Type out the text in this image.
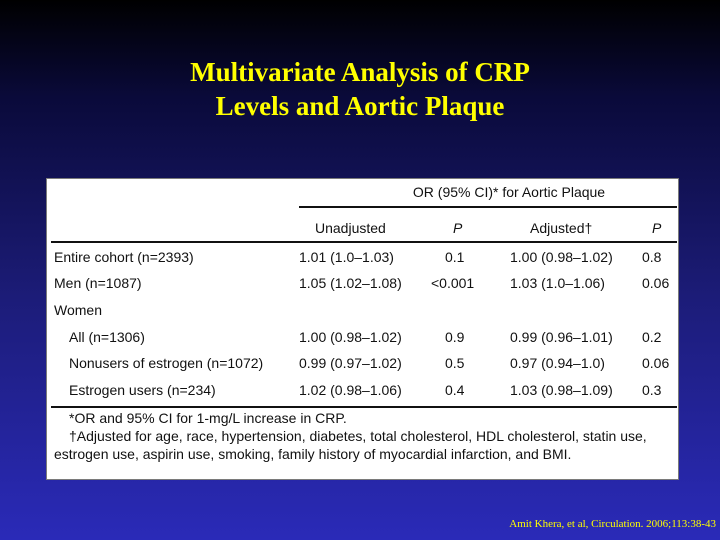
Multivariate Analysis of CRP
Levels and Aortic Plaque
OR (95% CI)* for Aortic Plaque
Unadjusted	P	Adjusted†	P
Entire cohort (n=2393)	1.01 (1.0–1.03)	0.1	1.00 (0.98–1.02) 0.8
Men (n=1087)	1.05 (1.02–1.08) <0.001	1.03 (1.0–1.06)	0.06
Women
All (n=1306)	1.00 (0.98–1.02)	0.9	0.99 (0.96–1.01) 0.2
Nonusers of estrogen (n=1072)	0.99 (0.97–1.02)	0.5	0.97 (0.94–1.0)	0.06
Estrogen users (n=234)	1.02 (0.98–1.06)	0.4	1.03 (0.98–1.09) 0.3
*OR and 95% CI for 1-mg/L increase in CRP.
†Adjusted for age, race, hypertension, diabetes, total cholesterol, HDL cholesterol, statin use, estrogen use, aspirin use, smoking, family history of myocardial infarction, and BMI.
Amit Khera, et al, Circulation. 2006;113:38-43
